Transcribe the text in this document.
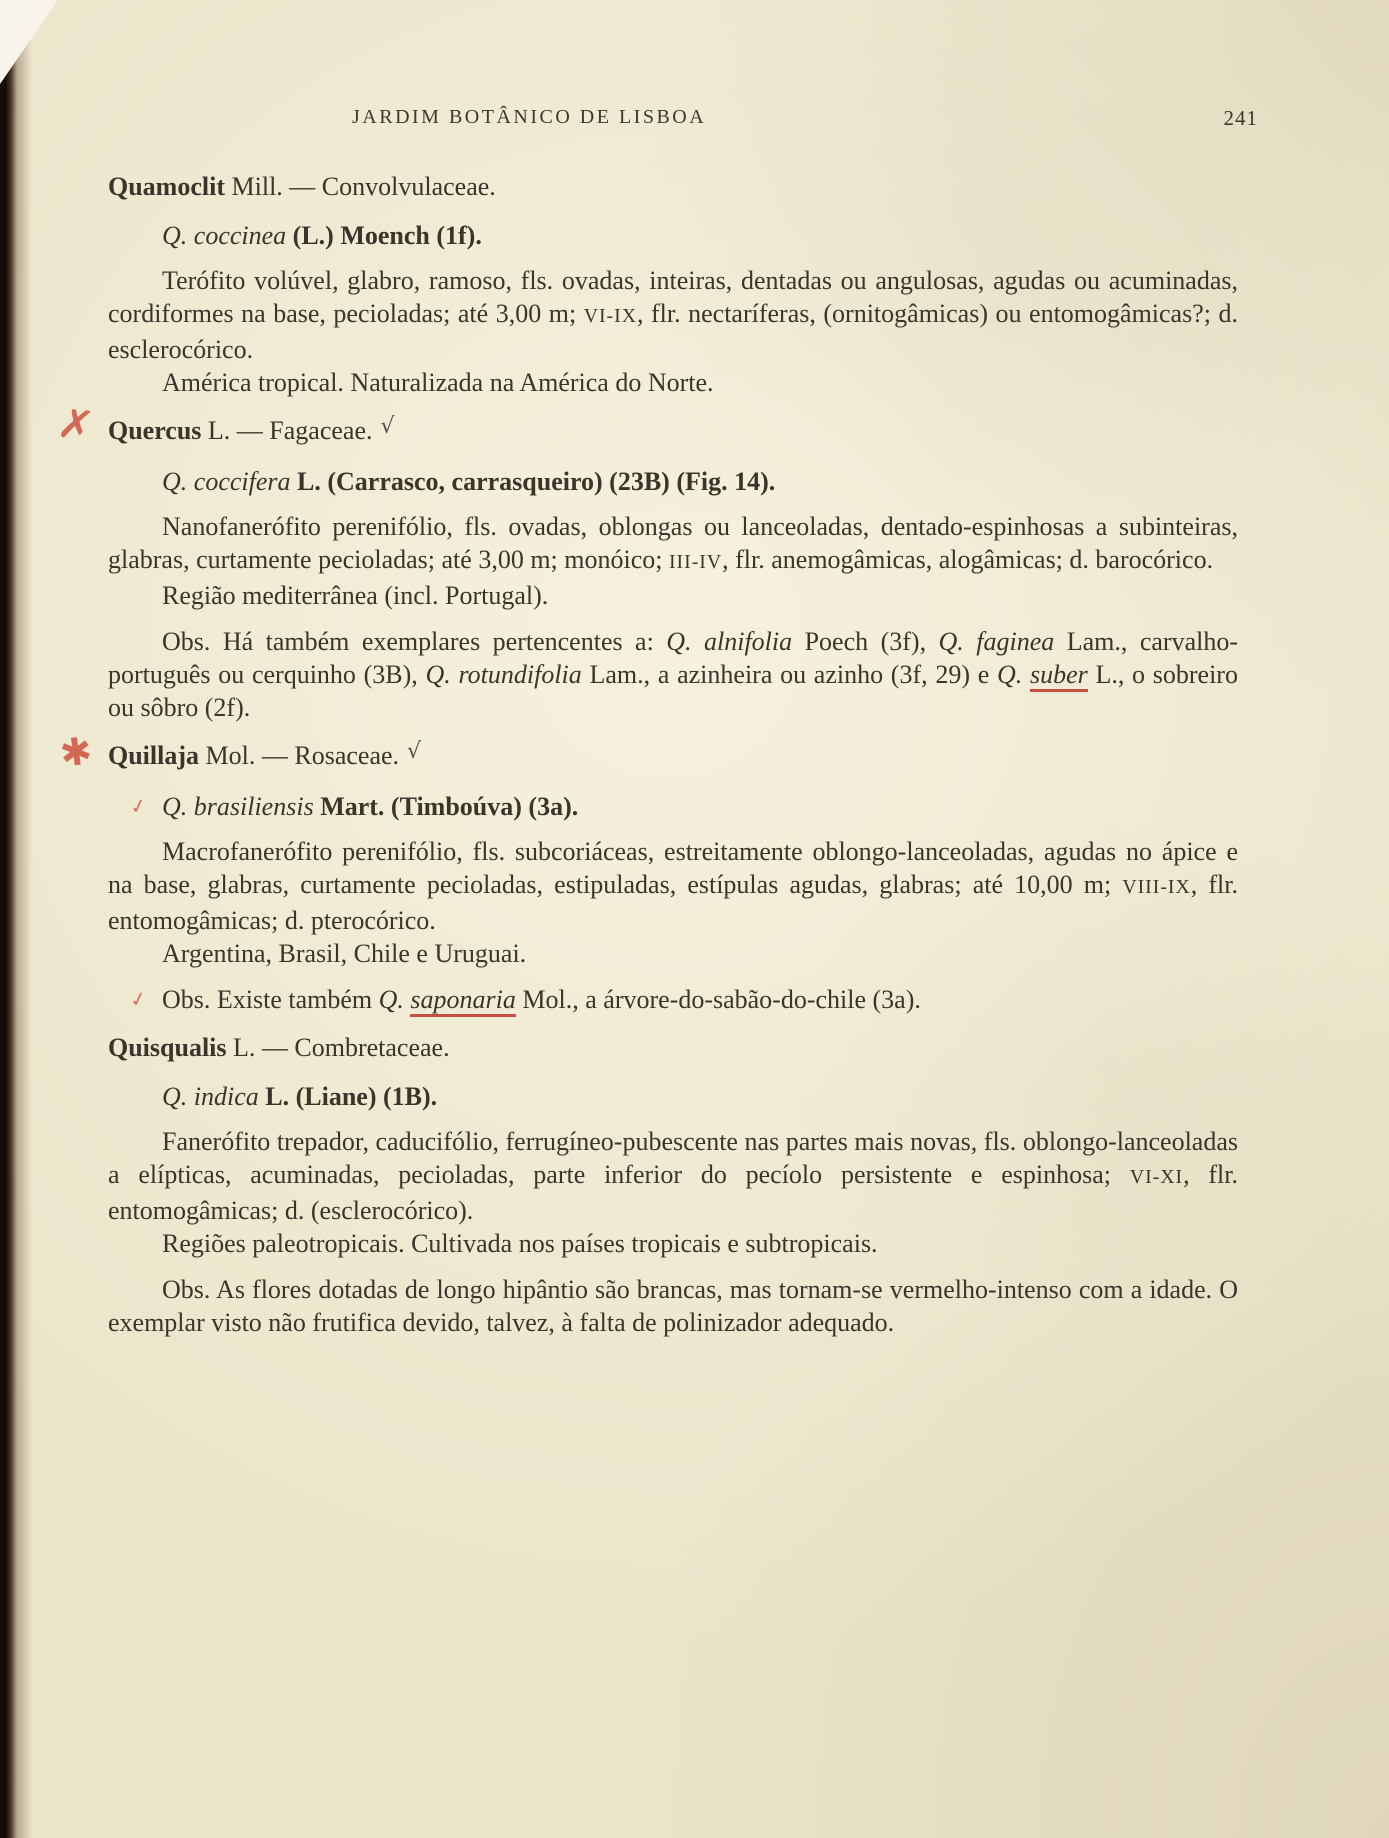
JARDIM BOTÂNICO DE LISBOA	241

Quamoclit Mill. — Convolvulaceae.

Q. coccinea (L.) Moench (1f).

Terófito volúvel, glabro, ramoso, fls. ovadas, inteiras, dentadas ou angulosas, agudas ou acuminadas, cordiformes na base, pecioladas; até 3,00 m; VI-IX, flr. nectaríferas, (ornitogâmicas) ou entomogâmicas?; d. esclerocórico.

América tropical. Naturalizada na América do Norte.

✗ Quercus L. — Fagaceae. √

Q. coccifera L. (Carrasco, carrasqueiro) (23B) (Fig. 14).

Nanofanerófito perenifólio, fls. ovadas, oblongas ou lanceoladas, dentado-espinhosas a subinteiras, glabras, curtamente pecioladas; até 3,00 m; monóico; III-IV, flr. anemogâmicas, alogâmicas; d. barocórico.

Região mediterrânea (incl. Portugal).

Obs. Há também exemplares pertencentes a: Q. alnifolia Poech (3f), Q. faginea Lam., carvalho-português ou cerquinho (3B), Q. rotundifolia Lam., a azinheira ou azinho (3f, 29) e Q. suber L., o sobreiro ou sôbro (2f).

✱ Quillaja Mol. — Rosaceae. √

✓ Q. brasiliensis Mart. (Timboúva) (3a).

Macrofanerófito perenifólio, fls. subcoriáceas, estreitamente oblongo-lanceoladas, agudas no ápice e na base, glabras, curtamente pecioladas, estipuladas, estípulas agudas, glabras; até 10,00 m; VIII-IX, flr. entomogâmicas; d. pterocórico.

Argentina, Brasil, Chile e Uruguai.

✓ Obs. Existe também Q. saponaria Mol., a árvore-do-sabão-do-chile (3a).

Quisqualis L. — Combretaceae.

Q. indica L. (Liane) (1B).

Fanerófito trepador, caducifólio, ferrugíneo-pubescente nas partes mais novas, fls. oblongo-lanceoladas a elípticas, acuminadas, pecioladas, parte inferior do pecíolo persistente e espinhosa; VI-XI, flr. entomogâmicas; d. (esclerocórico).

Regiões paleotropicais. Cultivada nos países tropicais e subtropicais.

Obs. As flores dotadas de longo hipântio são brancas, mas tornam-se vermelho-intenso com a idade. O exemplar visto não frutifica devido, talvez, à falta de polinizador adequado.
